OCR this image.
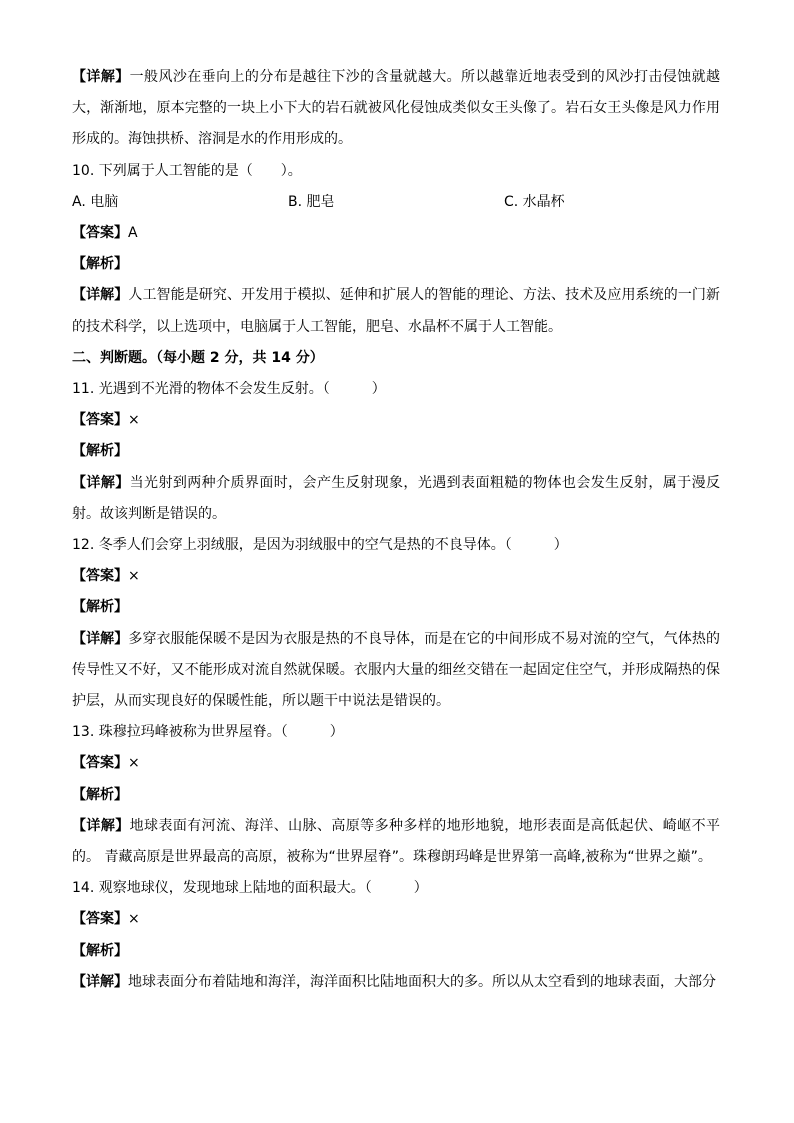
【详解】一般风沙在垂向上的分布是越往下沙的含量就越大。所以越靠近地表受到的风沙打击侵蚀就越大，渐渐地，原本完整的一块上小下大的岩石就被风化侵蚀成类似女王头像了。岩石女王头像是风力作用形成的。海蚀拱桥、溶洞是水的作用形成的。

10. 下列属于人工智能的是（　　）。

A. 电脑	B. 肥皂	C. 水晶杯

【答案】A

【解析】

【详解】人工智能是研究、开发用于模拟、延伸和扩展人的智能的理论、方法、技术及应用系统的一门新的技术科学，以上选项中，电脑属于人工智能，肥皂、水晶杯不属于人工智能。

二、判断题。（每小题 2 分，共 14 分）

11. 光遇到不光滑的物体不会发生反射。（　　　）

【答案】×

【解析】

【详解】当光射到两种介质界面时，会产生反射现象，光遇到表面粗糙的物体也会发生反射，属于漫反射。故该判断是错误的。

12. 冬季人们会穿上羽绒服，是因为羽绒服中的空气是热的不良导体。（　　　）

【答案】×

【解析】

【详解】多穿衣服能保暖不是因为衣服是热的不良导体，而是在它的中间形成不易对流的空气，气体热的传导性又不好，又不能形成对流自然就保暖。衣服内大量的细丝交错在一起固定住空气，并形成隔热的保护层，从而实现良好的保暖性能，所以题干中说法是错误的。

13. 珠穆拉玛峰被称为世界屋脊。（　　　）

【答案】×

【解析】

【详解】地球表面有河流、海洋、山脉、高原等多种多样的地形地貌，地形表面是高低起伏、崎岖不平的。 青藏高原是世界最高的高原，被称为“世界屋脊”。珠穆朗玛峰是世界第一高峰,被称为“世界之巅”。

14. 观察地球仪，发现地球上陆地的面积最大。（　　　）

【答案】×

【解析】

【详解】地球表面分布着陆地和海洋，海洋面积比陆地面积大的多。所以从太空看到的地球表面，大部分
